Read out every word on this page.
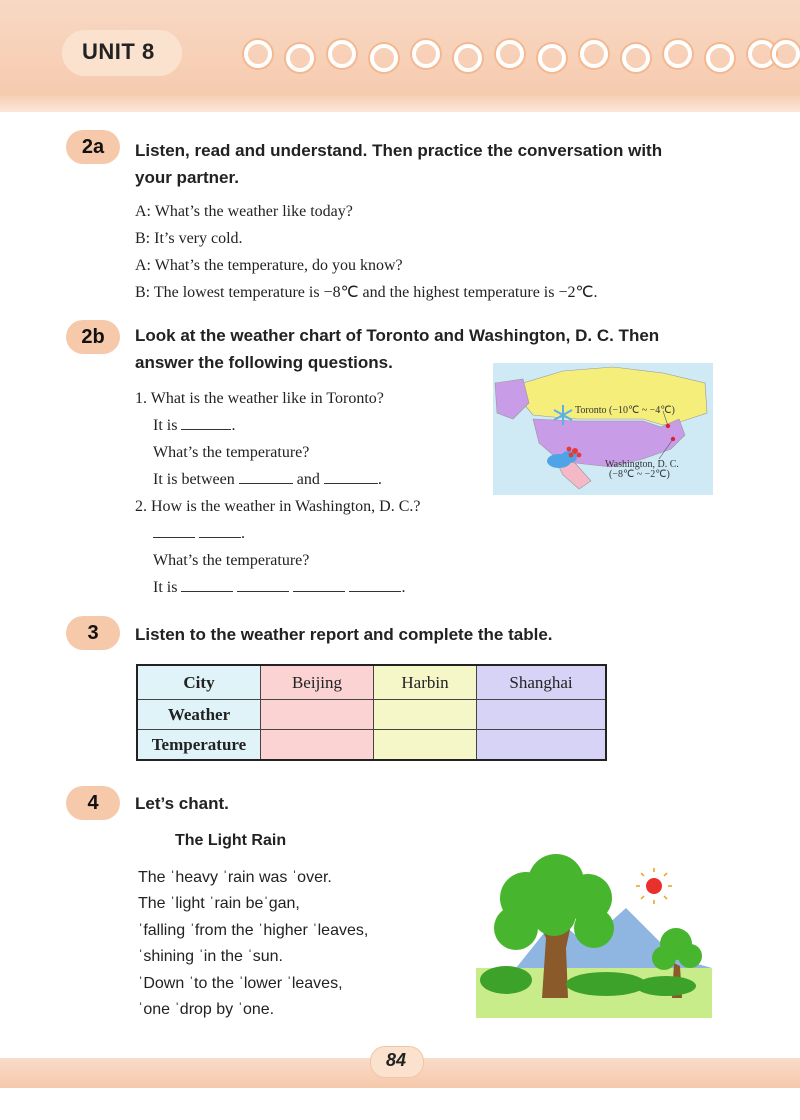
UNIT 8
2a	Listen, read and understand. Then practice the conversation with
your partner.
A: What’s the weather like today?
B: It’s very cold.
A: What’s the temperature, do you know?
B: The lowest temperature is −8℃ and the highest temperature is −2℃.
2b	Look at the weather chart of Toronto and Washington, D. C. Then
answer the following questions.
1. What is the weather like in Toronto?
It is	.
What’s the temperature?
It is between	and	.
2. How is the weather in Washington, D. C.?
.
What’s the temperature?
It is	.
Toronto (−10℃ ~ −4℃)
Washington, D. C.
(−8℃ ~ −2℃)
3	Listen to the weather report and complete the table.
City	Beijing	Harbin	Shanghai
Weather			
Temperature			
4	Let’s chant.
The Light Rain
The ˈheavy ˈrain was ˈover.
The ˈlight ˈrain beˈgan,
ˈfalling ˈfrom the ˈhigher ˈleaves,
ˈshining ˈin the ˈsun.
ˈDown ˈto the ˈlower ˈleaves,
ˈone ˈdrop by ˈone.
84
